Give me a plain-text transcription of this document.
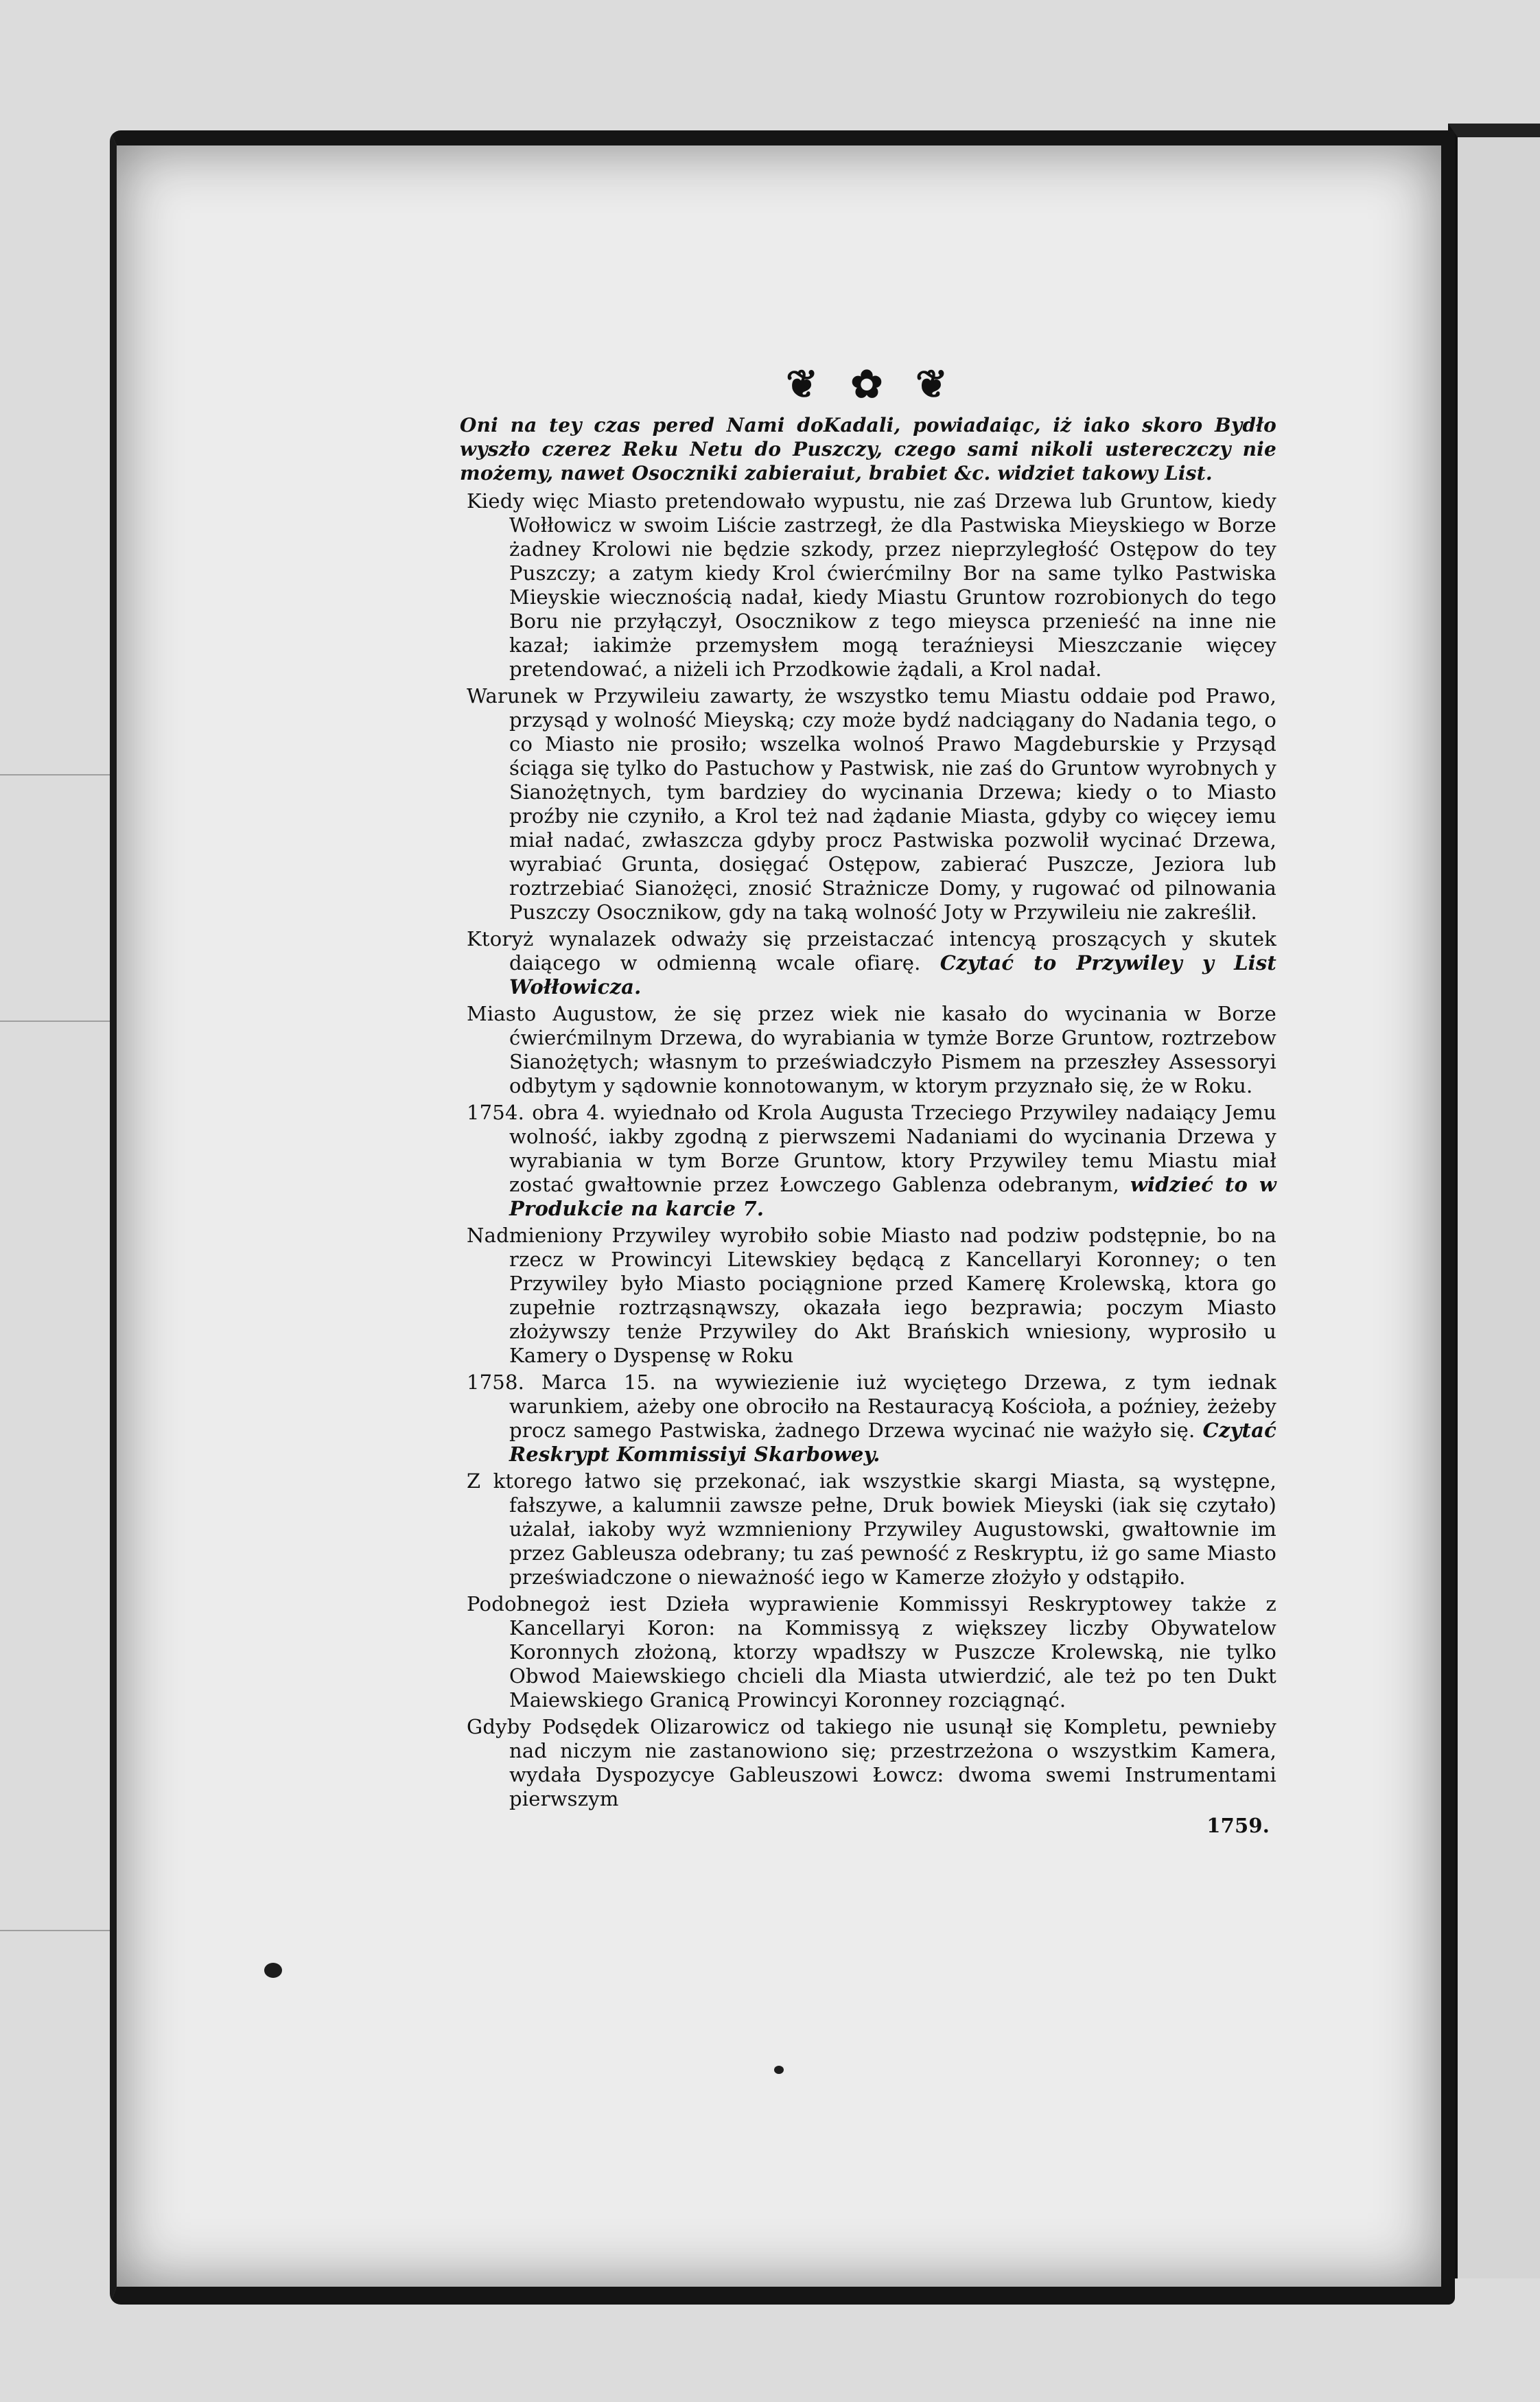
❦ ✿ ❦
Oni na tey czas pered Nami doKadali, powiadaiąc, iż iako skoro Bydło wyszło czerez Reku Netu do Puszczy, czego sami nikoli ustereczczy nie możemy, nawet Osoczniki zabieraiut, brabiet &c. widziet takowy List.
Kiedy więc Miasto pretendowało wypustu, nie zaś Drzewa lub Gruntow, kiedy Wołłowicz w swoim Liście zastrzegł, że dla Pastwiska Mieyskiego w Borze żadney Krolowi nie będzie szkody, przez nieprzyległość Ostępow do tey Puszczy; a zatym kiedy Krol ćwierćmilny Bor na same tylko Pastwiska Mieyskie wiecznością nadał, kiedy Miastu Gruntow rozrobionych do tego Boru nie przyłączył, Osocznikow z tego mieysca przenieść na inne nie kazał; iakimże przemysłem mogą teraźnieysi Mieszczanie więcey pretendować, a niżeli ich Przodkowie żądali, a Krol nadał.
Warunek w Przywileiu zawarty, że wszystko temu Miastu oddaie pod Prawo, przysąd y wolność Mieyską; czy może bydź nadciągany do Nadania tego, o co Miasto nie prosiło; wszelka wolnoś Prawo Magdeburskie y Przysąd ściąga się tylko do Pastuchow y Pastwisk, nie zaś do Gruntow wyrobnych y Sianożętnych, tym bardziey do wycinania Drzewa; kiedy o to Miasto proźby nie czyniło, a Krol też nad żądanie Miasta, gdyby co więcey iemu miał nadać, zwłaszcza gdyby procz Pastwiska pozwolił wycinać Drzewa, wyrabiać Grunta, dosięgać Ostępow, zabierać Puszcze, Jeziora lub roztrzebiać Sianożęci, znosić Strażnicze Domy, y rugować od pilnowania Puszczy Osocznikow, gdy na taką wolność Joty w Przywileiu nie zakreślił.
Ktoryż wynalazek odważy się przeistaczać intencyą proszących y skutek daiącego w odmienną wcale ofiarę. Czytać to Przywiley y List Wołłowicza.
Miasto Augustow, że się przez wiek nie kasało do wycinania w Borze ćwierćmilnym Drzewa, do wyrabiania w tymże Borze Gruntow, roztrzebow Sianożętych; własnym to przeświadczyło Pismem na przeszłey Assessoryi odbytym y sądownie konnotowanym, w ktorym przyznało się, że w Roku.
1754. obra 4. wyiednało od Krola Augusta Trzeciego Przywiley nadaiący Jemu wolność, iakby zgodną z pierwszemi Nadaniami do wycinania Drzewa y wyrabiania w tym Borze Gruntow, ktory Przywiley temu Miastu miał zostać gwałtownie przez Łowczego Gablenza odebranym, widzieć to w Produkcie na karcie 7.
Nadmieniony Przywiley wyrobiło sobie Miasto nad podziw podstępnie, bo na rzecz w Prowincyi Litewskiey będącą z Kancellaryi Koronney; o ten Przywiley było Miasto pociągnione przed Kamerę Krolewską, ktora go zupełnie roztrząsnąwszy, okazała iego bezprawia; poczym Miasto złożywszy tenże Przywiley do Akt Brańskich wniesiony, wyprosiło u Kamery o Dyspensę w Roku
1758. Marca 15. na wywiezienie iuż wyciętego Drzewa, z tym iednak warunkiem, ażeby one obrociło na Restauracyą Kościoła, a poźniey, żeżeby procz samego Pastwiska, żadnego Drzewa wycinać nie ważyło się. Czytać Reskrypt Kommissiyi Skarbowey.
Z ktorego łatwo się przekonać, iak wszystkie skargi Miasta, są występne, fałszywe, a kalumnii zawsze pełne, Druk bowiek Mieyski (iak się czytało) użalał, iakoby wyż wzmnieniony Przywiley Augustowski, gwałtownie im przez Gableusza odebrany; tu zaś pewność z Reskryptu, iż go same Miasto przeświadczone o nieważność iego w Kamerze złożyło y odstąpiło.
Podobnegoż iest Dzieła wyprawienie Kommissyi Reskryptowey także z Kancellaryi Koron: na Kommissyą z większey liczby Obywatelow Koronnych złożoną, ktorzy wpadłszy w Puszcze Krolewską, nie tylko Obwod Maiewskiego chcieli dla Miasta utwierdzić, ale też po ten Dukt Maiewskiego Granicą Prowincyi Koronney rozciągnąć.
Gdyby Podsędek Olizarowicz od takiego nie usunął się Kompletu, pewnieby nad niczym nie zastanowiono się; przestrzeżona o wszystkim Kamera, wydała Dyspozycye Gableuszowi Łowcz: dwoma swemi Instrumentami pierwszym
1759.
